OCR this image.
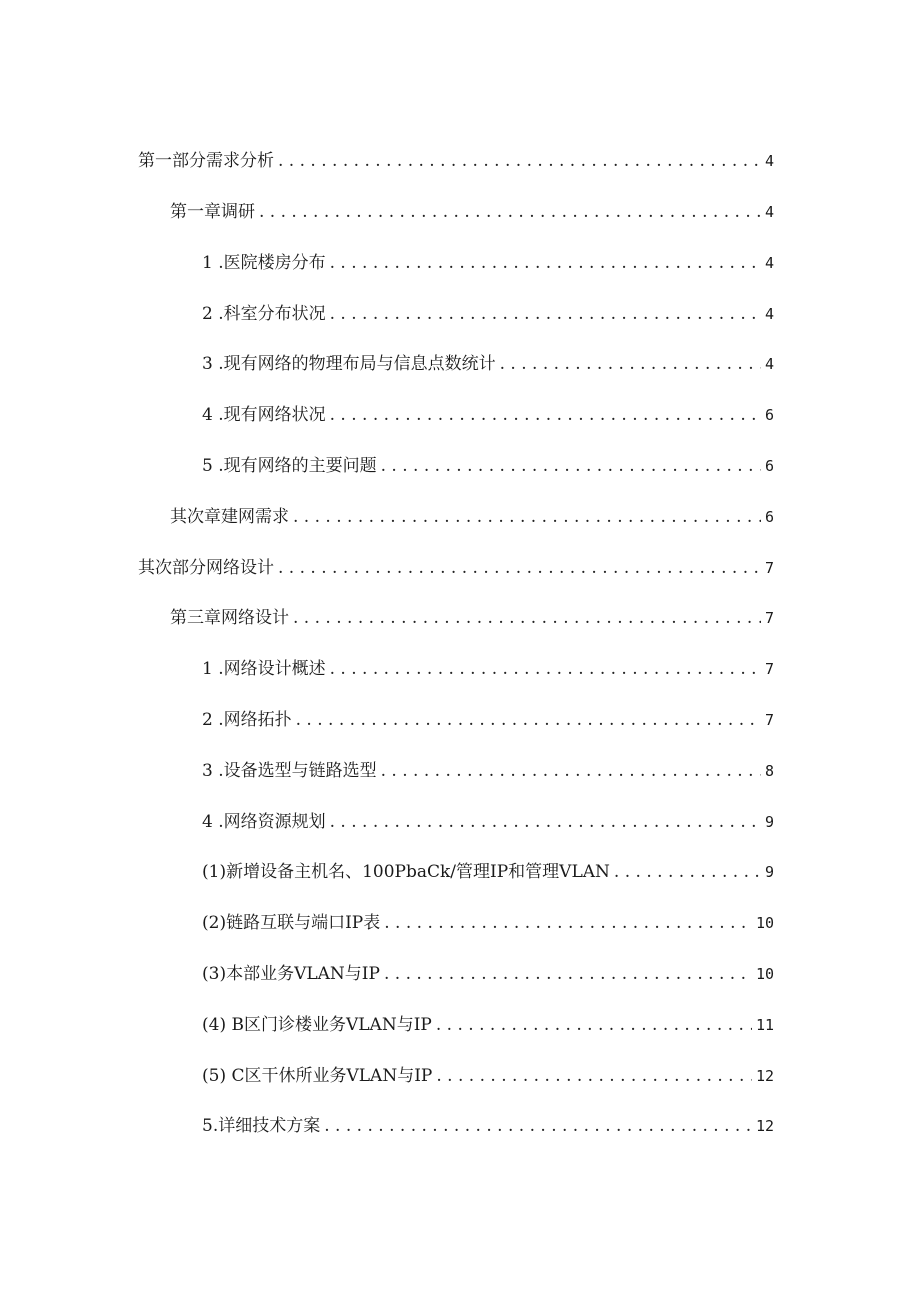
第一部分需求分析 . . .	4
第一章调研 . . .	4
1 .医院楼房分布 . . .	4
2 .科室分布状况 . . .	4
3 .现有网络的物理布局与信息点数统计 . . .	4
4 .现有网络状况 . . .	6
5 .现有网络的主要问题 . . .	6
其次章建网需求 . . .	6
其次部分网络设计 . . .	7
第三章网络设计 . . .	7
1 .网络设计概述 . . .	7
2 .网络拓扑 . . .	7
3 .设备选型与链路选型 . . .	8
4 .网络资源规划 . . .	9
(1)新增设备主机名、100PbaCk/管理IP和管理VLAN . . .	9
(2)链路互联与端口IP表 . . .	10
(3)本部业务VLAN与IP . . .	10
(4) B区门诊楼业务VLAN与IP . . .	11
(5) C区干休所业务VLAN与IP . . .	12
5.详细技术方案 . . .	12
